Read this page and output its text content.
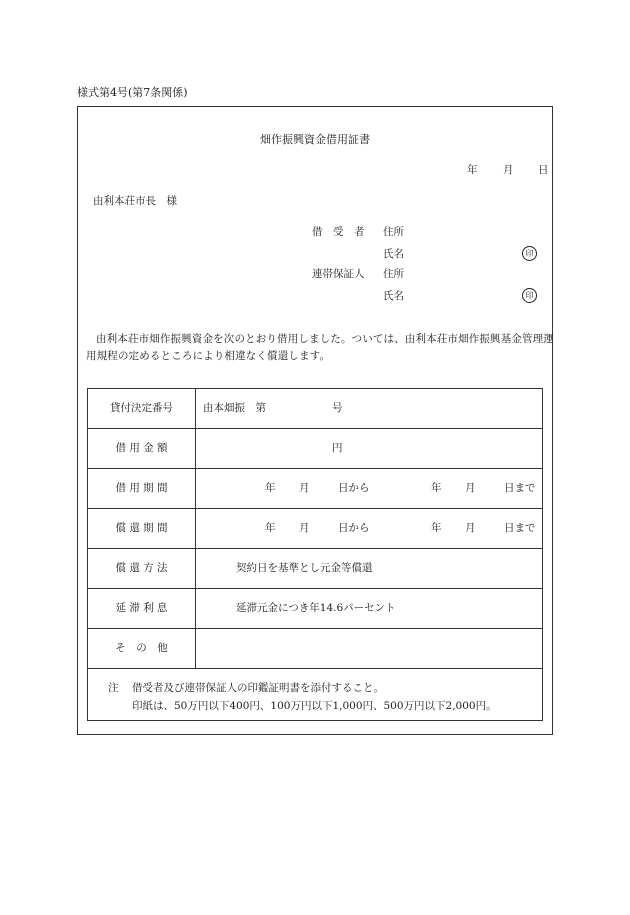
様式第4号(第7条関係)
畑作振興資金借用証書
年 月 日
由利本荘市長　様
借　受　者 住所
氏名	印
連帯保証人 住所
氏名	印
由利本荘市畑作振興資金を次のとおり借用しました。ついては、由利本荘市畑作振興基金管理運用規程の定めるところにより相違なく償還します。
貸付決定番号	由本畑振　第	号
借 用 金 額	円
借 用 期 間	年 月	日から	年 月	日まで
償 還 期 間	年 月	日から	年 月	日まで
償 還 方 法	契約日を基準とし元金等償還
延 滞 利 息	延滞元金につき年14.6パーセント
そ　の　他
注 借受者及び連帯保証人の印鑑証明書を添付すること。
印紙は、50万円以下400円、100万円以下1,000円、500万円以下2,000円。
